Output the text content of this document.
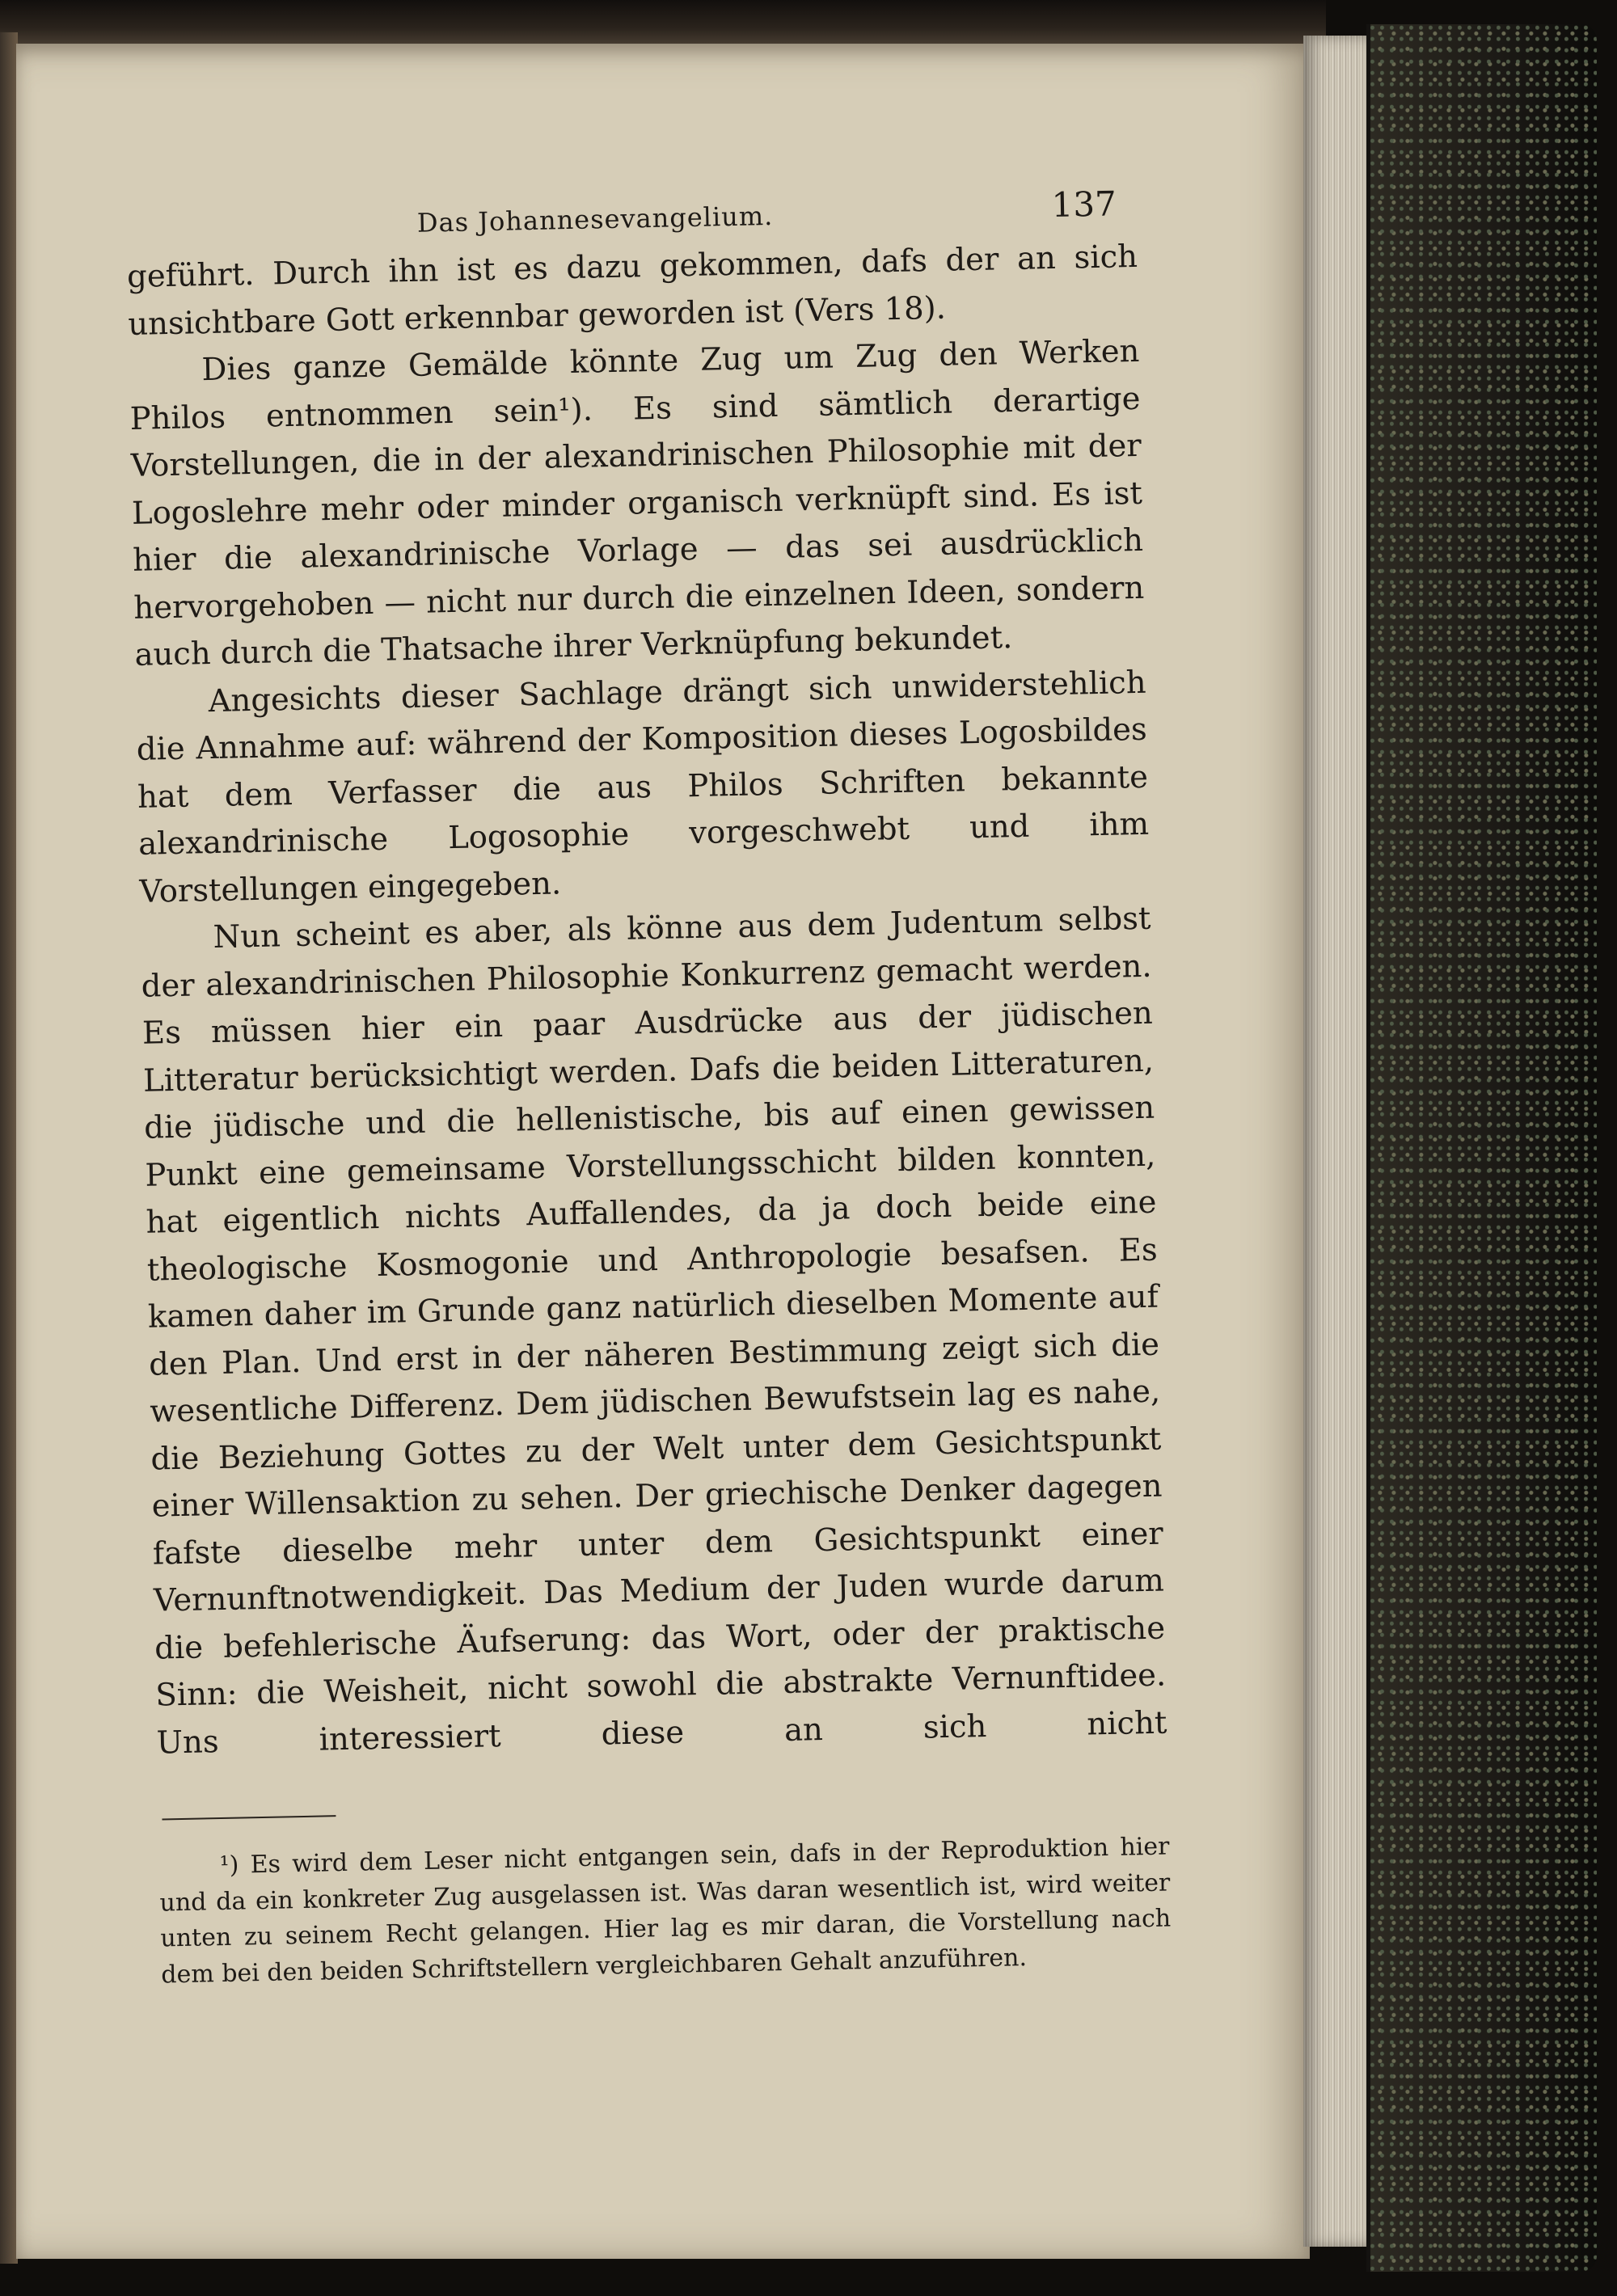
Das Johannesevangelium.	137

geführt. Durch ihn ist es dazu gekommen, dafs der an sich unsichtbare Gott erkennbar geworden ist (Vers 18).

Dies ganze Gemälde könnte Zug um Zug den Werken Philos entnommen sein¹). Es sind sämtlich derartige Vorstellungen, die in der alexandrinischen Philosophie mit der Logoslehre mehr oder minder organisch verknüpft sind. Es ist hier die alexandrinische Vorlage — das sei ausdrücklich hervorgehoben — nicht nur durch die einzelnen Ideen, sondern auch durch die Thatsache ihrer Verknüpfung bekundet.

Angesichts dieser Sachlage drängt sich unwiderstehlich die Annahme auf: während der Komposition dieses Logosbildes hat dem Verfasser die aus Philos Schriften bekannte alexandrinische Logosophie vorgeschwebt und ihm Vorstellungen eingegeben.

Nun scheint es aber, als könne aus dem Judentum selbst der alexandrinischen Philosophie Konkurrenz gemacht werden. Es müssen hier ein paar Ausdrücke aus der jüdischen Litteratur berücksichtigt werden. Dafs die beiden Litteraturen, die jüdische und die hellenistische, bis auf einen gewissen Punkt eine gemeinsame Vorstellungsschicht bilden konnten, hat eigentlich nichts Auffallendes, da ja doch beide eine theologische Kosmogonie und Anthropologie besafsen. Es kamen daher im Grunde ganz natürlich dieselben Momente auf den Plan. Und erst in der näheren Bestimmung zeigt sich die wesentliche Differenz. Dem jüdischen Bewufstsein lag es nahe, die Beziehung Gottes zu der Welt unter dem Gesichtspunkt einer Willensaktion zu sehen. Der griechische Denker dagegen fafste dieselbe mehr unter dem Gesichtspunkt einer Vernunftnotwendigkeit. Das Medium der Juden wurde darum die befehlerische Äufserung: das Wort, oder der praktische Sinn: die Weisheit, nicht sowohl die abstrakte Vernunftidee. Uns interessiert diese an sich nicht

¹) Es wird dem Leser nicht entgangen sein, dafs in der Reproduktion hier und da ein konkreter Zug ausgelassen ist. Was daran wesentlich ist, wird weiter unten zu seinem Recht gelangen. Hier lag es mir daran, die Vorstellung nach dem bei den beiden Schriftstellern vergleichbaren Gehalt anzuführen.
